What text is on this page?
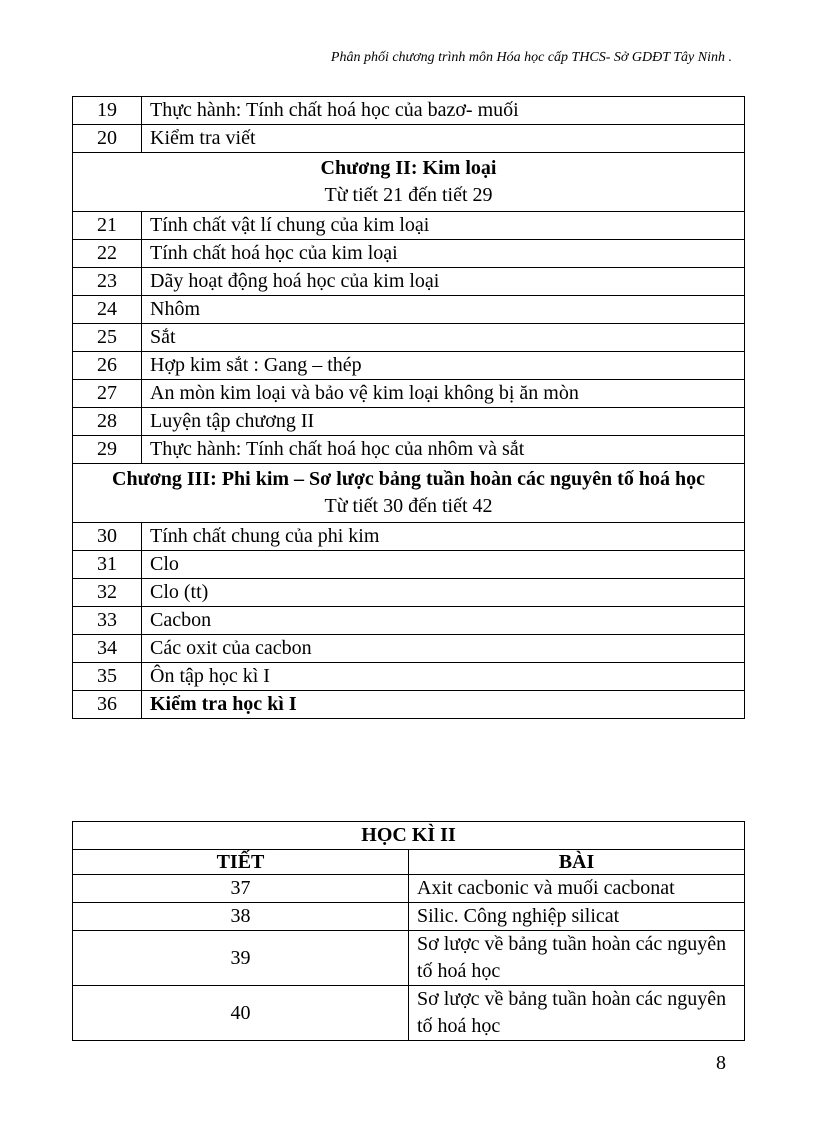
Phân phối chương trình môn Hóa học cấp THCS- Sở GDĐT Tây Ninh .
19	Thực hành: Tính chất hoá học của bazơ- muối
20	Kiểm tra viết

Chương II: Kim loại
Từ tiết 21 đến tiết 29	

21	Tính chất vật lí chung của kim loại
22	Tính chất hoá học của kim loại
23	Dãy hoạt động hoá học của kim loại
24	Nhôm
25	Sắt
26	Hợp kim sắt : Gang – thép
27	An mòn kim loại và bảo vệ kim loại không bị ăn mòn
28	Luyện tập chương II
29	Thực hành: Tính chất hoá học của nhôm và sắt

Chương III: Phi kim – Sơ lược bảng tuần hoàn các nguyên tố hoá học
Từ tiết 30 đến tiết 42	

30	Tính chất chung của phi kim
31	Clo
32	Clo (tt)
33	Cacbon
34	Các oxit của cacbon
35	Ôn tập học kì I
36	Kiểm tra học kì I
HỌC KÌ II	
TIẾT	BÀI
37	Axit cacbonic và muối cacbonat
38	Silic. Công nghiệp silicat
39	Sơ lược về bảng tuần hoàn các nguyên tố hoá học
40	Sơ lược về bảng tuần hoàn các nguyên tố hoá học
8
